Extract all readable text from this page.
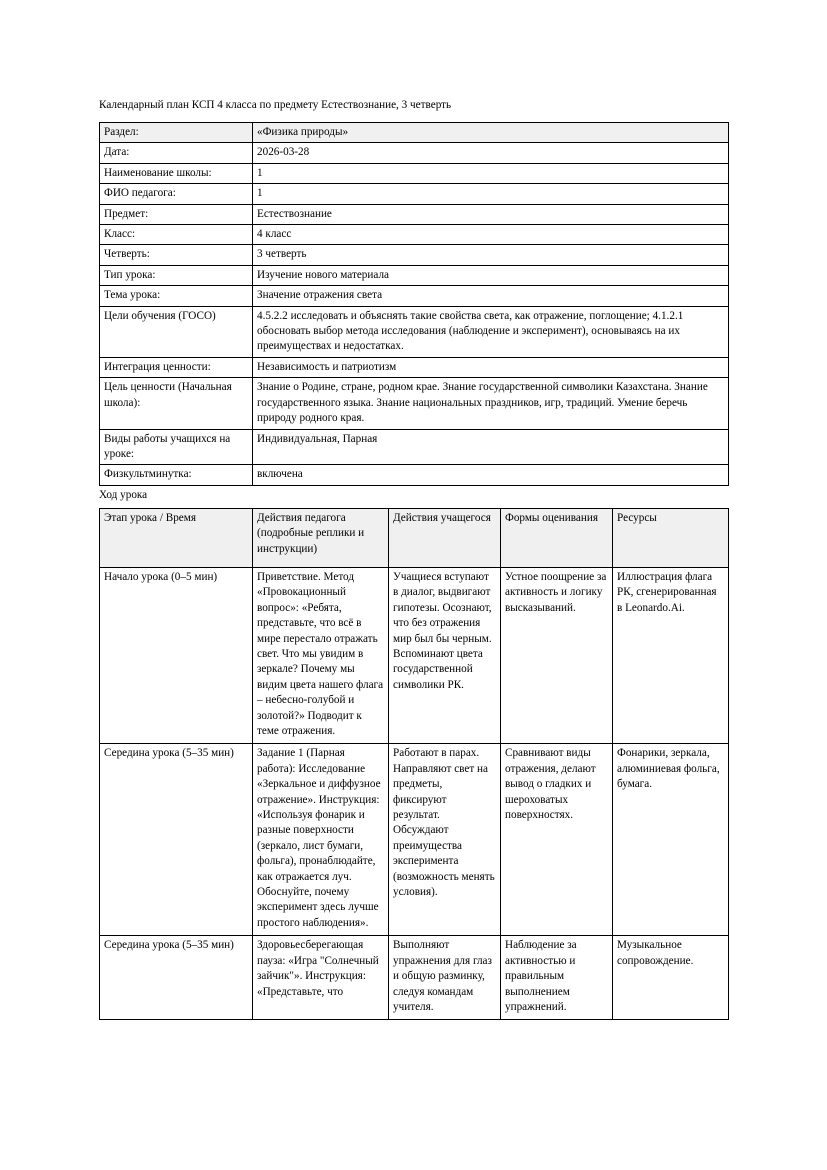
Календарный план КСП 4 класса по предмету Естествознание, 3 четверть

Раздел:	«Физика природы»
Дата:	2026-03-28
Наименование школы:	1
ФИО педагога:	1
Предмет:	Естествознание
Класс:	4 класс
Четверть:	3 четверть
Тип урока:	Изучение нового материала
Тема урока:	Значение отражения света
Цели обучения (ГОСО)	4.5.2.2 исследовать и объяснять такие свойства света, как отражение, поглощение; 4.1.2.1 обосновать выбор метода исследования (наблюдение и эксперимент), основываясь на их преимуществах и недостатках.
Интеграция ценности:	Независимость и патриотизм
Цель ценности (Начальная школа):	Знание о Родине, стране, родном крае. Знание государственной символики Казахстана. Знание государственного языка. Знание национальных праздников, игр, традиций. Умение беречь природу родного края.
Виды работы учащихся на уроке:	Индивидуальная, Парная
Физкультминутка:	включена

Ход урока

Этап урока / Время	Действия педагога (подробные реплики и инструкции)	Действия учащегося	Формы оценивания	Ресурсы
Начало урока (0–5 мин)	Приветствие. Метод «Провокационный вопрос»: «Ребята, представьте, что всё в мире перестало отражать свет. Что мы увидим в зеркале? Почему мы видим цвета нашего флага – небесно-голубой и золотой?» Подводит к теме отражения.	Учащиеся вступают в диалог, выдвигают гипотезы. Осознают, что без отражения мир был бы черным. Вспоминают цвета государственной символики РК.	Устное поощрение за активность и логику высказываний.	Иллюстрация флага РК, сгенерированная в Leonardo.Ai.
Середина урока (5–35 мин)	Задание 1 (Парная работа): Исследование «Зеркальное и диффузное отражение». Инструкция: «Используя фонарик и разные поверхности (зеркало, лист бумаги, фольга), пронаблюдайте, как отражается луч. Обоснуйте, почему эксперимент здесь лучше простого наблюдения».	Работают в парах. Направляют свет на предметы, фиксируют результат. Обсуждают преимущества эксперимента (возможность менять условия).	Сравнивают виды отражения, делают вывод о гладких и шероховатых поверхностях.	Фонарики, зеркала, алюминиевая фольга, бумага.
Середина урока (5–35 мин)	Здоровьесберегающая пауза: «Игра "Солнечный зайчик"». Инструкция: «Представьте, что	Выполняют упражнения для глаз и общую разминку, следуя командам учителя.	Наблюдение за активностью и правильным выполнением упражнений.	Музыкальное сопровождение.
